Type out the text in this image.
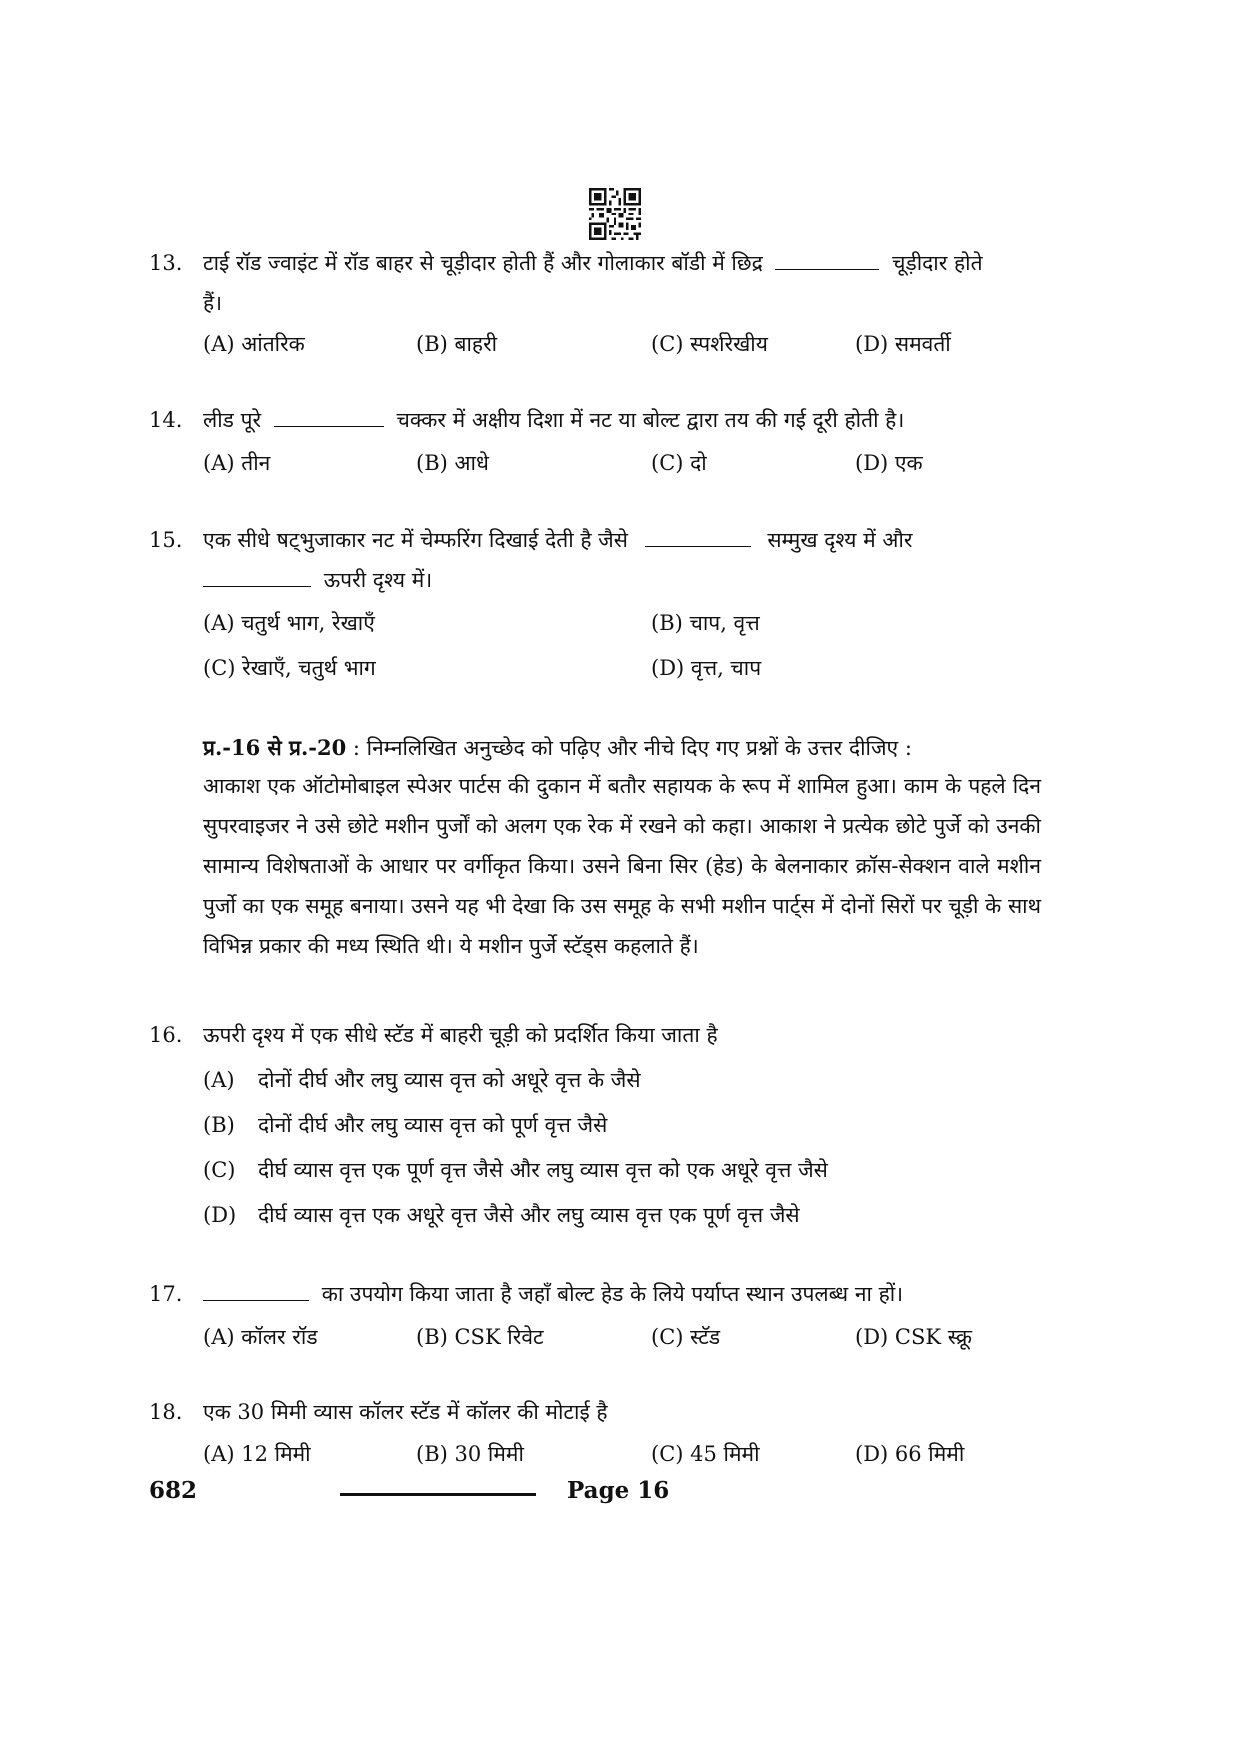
13. टाई रॉड ज्वाइंट में रॉड बाहर से चूड़ीदार होती हैं और गोलाकार बॉडी में छिद्र	चूड़ीदार होते
हैं।
(A) आंतरिक	(B) बाहरी	(C) स्पर्शरेखीय	(D) समवर्ती
14. लीड पूरे	चक्कर में अक्षीय दिशा में नट या बोल्ट द्वारा तय की गई दूरी होती है।
(A) तीन	(B) आधे	(C) दो	(D) एक
15. एक सीधे षट्भुजाकार नट में चेम्फरिंग दिखाई देती है जैसे	सम्मुख दृश्य में और
ऊपरी दृश्य में।
(A) चतुर्थ भाग, रेखाएँ	(B) चाप, वृत्त
(C) रेखाएँ, चतुर्थ भाग	(D) वृत्त, चाप
प्र.-16 से प्र.-20 : निम्नलिखित अनुच्छेद को पढ़िए और नीचे दिए गए प्रश्नों के उत्तर दीजिए :
आकाश एक ऑटोमोबाइल स्पेअर पार्टस की दुकान में बतौर सहायक के रूप में शामिल हुआ। काम के पहले दिन सुपरवाइजर ने उसे छोटे मशीन पुर्जों को अलग एक रेक में रखने को कहा। आकाश ने प्रत्येक छोटे पुर्जे को उनकी सामान्य विशेषताओं के आधार पर वर्गीकृत किया। उसने बिना सिर (हेड) के बेलनाकार क्रॉस-सेक्शन वाले मशीन पुर्जो का एक समूह बनाया। उसने यह भी देखा कि उस समूह के सभी मशीन पार्ट्स में दोनों सिरों पर चूड़ी के साथ विभिन्न प्रकार की मध्य स्थिति थी। ये मशीन पुर्जे स्टॅड्स कहलाते हैं।
16. ऊपरी दृश्य में एक सीधे स्टॅड में बाहरी चूड़ी को प्रदर्शित किया जाता है
(A) दोनों दीर्घ और लघु व्यास वृत्त को अधूरे वृत्त के जैसे
(B) दोनों दीर्घ और लघु व्यास वृत्त को पूर्ण वृत्त जैसे
(C) दीर्घ व्यास वृत्त एक पूर्ण वृत्त जैसे और लघु व्यास वृत्त को एक अधूरे वृत्त जैसे
(D) दीर्घ व्यास वृत्त एक अधूरे वृत्त जैसे और लघु व्यास वृत्त एक पूर्ण वृत्त जैसे
17.	का उपयोग किया जाता है जहाँ बोल्ट हेड के लिये पर्याप्त स्थान उपलब्ध ना हों।
(A) कॉलर रॉड	(B) CSK रिवेट	(C) स्टॅड	(D) CSK स्क्रू
18. एक 30 मिमी व्यास कॉलर स्टॅड में कॉलर की मोटाई है
(A) 12 मिमी	(B) 30 मिमी	(C) 45 मिमी	(D) 66 मिमी
682	Page 16
